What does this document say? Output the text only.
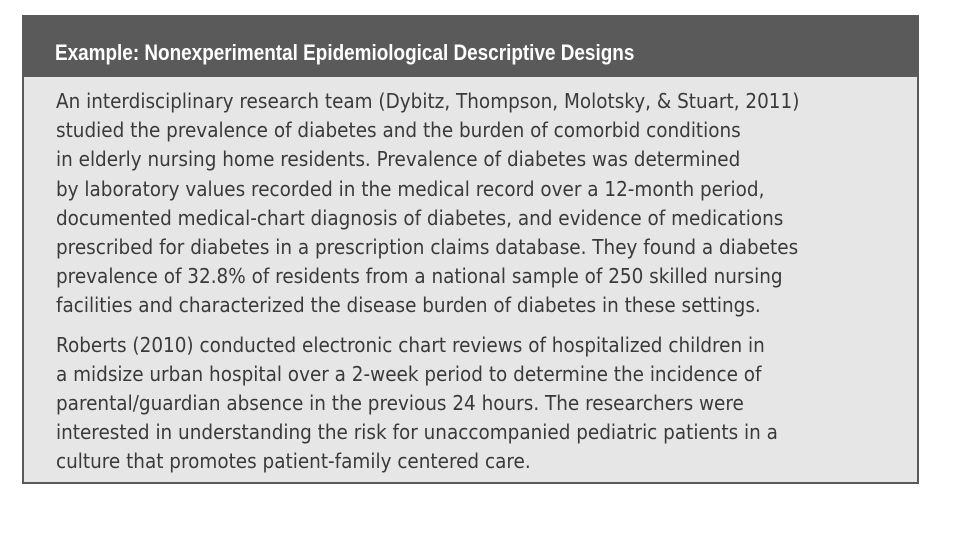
Example: Nonexperimental Epidemiological Descriptive Designs

An interdisciplinary research team (Dybitz, Thompson, Molotsky, & Stuart, 2011)
studied the prevalence of diabetes and the burden of comorbid conditions
in elderly nursing home residents. Prevalence of diabetes was determined
by laboratory values recorded in the medical record over a 12-month period,
documented medical-chart diagnosis of diabetes, and evidence of medications
prescribed for diabetes in a prescription claims database. They found a diabetes
prevalence of 32.8% of residents from a national sample of 250 skilled nursing
facilities and characterized the disease burden of diabetes in these settings.

Roberts (2010) conducted electronic chart reviews of hospitalized children in
a midsize urban hospital over a 2-week period to determine the incidence of
parental/guardian absence in the previous 24 hours. The researchers were
interested in understanding the risk for unaccompanied pediatric patients in a
culture that promotes patient-family centered care.
